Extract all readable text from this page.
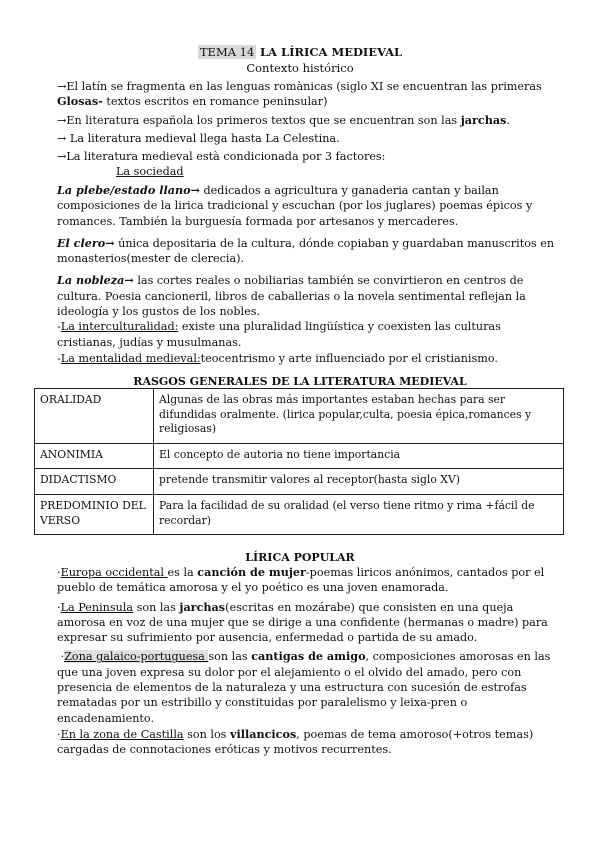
TEMA 14 LA LÍRICA MEDIEVAL
Contexto histórico
→El latín se fragmenta en las lenguas romànicas (siglo XI se encuentran las primeras
Glosas- textos escritos en romance peninsular)
→En literatura española los primeros textos que se encuentran son las jarchas.
→ La literatura medieval llega hasta La Celestina.
→La literatura medieval està condicionada por 3 factores:
La sociedad
La plebe/estado llano→ dedicados a agricultura y ganaderia cantan y bailan composiciones de la lirica tradicional y escuchan (por los juglares) poemas épicos y romances. También la burguesía formada por artesanos y mercaderes.
El clero→ única depositaria de la cultura, dónde copiaban y guardaban manuscritos en monasterios(mester de clerecia).
La nobleza→ las cortes reales o nobiliarias también se convirtieron en centros de cultura. Poesia cancioneril, libros de caballerias o la novela sentimental reflejan la ideología y los gustos de los nobles.
-La interculturalidad: existe una pluralidad lingüística y coexisten las culturas cristianas, judías y musulmanas.
-La mentalidad medieval:teocentrismo y arte influenciado por el cristianismo.
RASGOS GENERALES DE LA LITERATURA MEDIEVAL
ORALIDAD	Algunas de las obras más importantes estaban hechas para ser difundidas oralmente. (lirica popular,culta, poesia épica,romances y religiosas)
ANONIMIA	El concepto de autoria no tiene importancia
DIDACTISMO	pretende transmitir valores al receptor(hasta siglo XV)
PREDOMINIO DEL VERSO	Para la facilidad de su oralidad (el verso tiene ritmo y rima +fácil de recordar)
LÍRICA POPULAR
·Europa occidental es la canción de mujer-poemas liricos anónimos, cantados por el pueblo de temática amorosa y el yo poético es una joven enamorada.
·La Peninsula son las jarchas(escritas en mozárabe) que consisten en una queja amorosa en voz de una mujer que se dirige a una confidente (hermanas o madre) para expresar su sufrimiento por ausencia, enfermedad o partida de su amado.
·Zona galaico-portuguesa son las cantigas de amigo, composiciones amorosas en las que una joven expresa su dolor por el alejamiento o el olvido del amado, pero con presencia de elementos de la naturaleza y una estructura con sucesión de estrofas rematadas por un estribillo y constituidas por paralelismo y leixa-pren o encadenamiento.
·En la zona de Castilla son los villancicos, poemas de tema amoroso(+otros temas) cargadas de connotaciones eróticas y motivos recurrentes.
